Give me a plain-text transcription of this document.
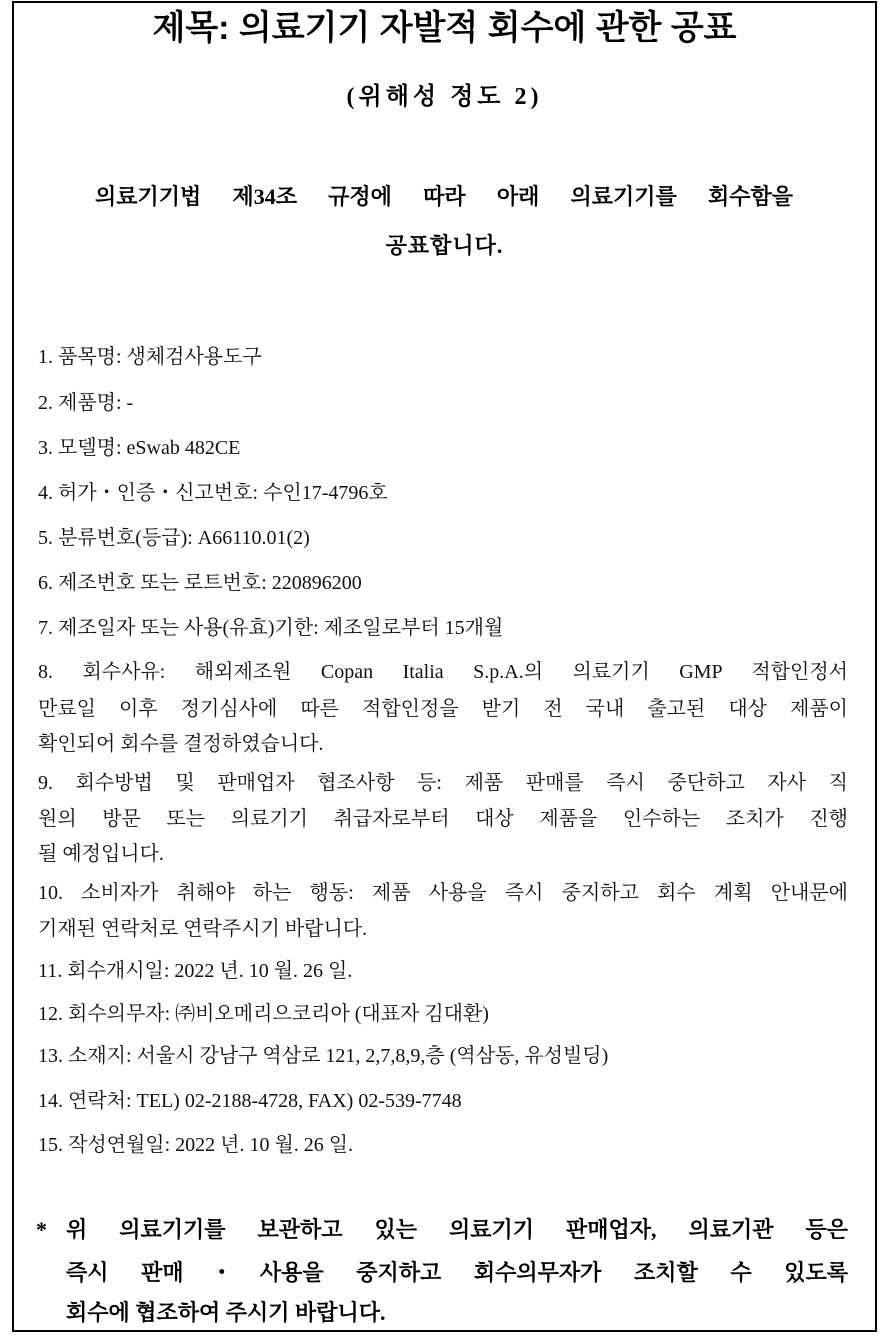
제목: 의료기기 자발적 회수에 관한 공표
(위해성 정도 2)
의료기기법 제34조 규정에 따라 아래 의료기기를 회수함을
공표합니다.
1. 품목명: 생체검사용도구
2. 제품명: -
3. 모델명: eSwab 482CE
4. 허가・인증・신고번호: 수인17-4796호
5. 분류번호(등급): A66110.01(2)
6. 제조번호 또는 로트번호: 220896200
7. 제조일자 또는 사용(유효)기한: 제조일로부터 15개월
8. 회수사유: 해외제조원 Copan Italia S.p.A.의 의료기기 GMP 적합인정서
만료일 이후 정기심사에 따른 적합인정을 받기 전 국내 출고된 대상 제품이
확인되어 회수를 결정하였습니다.
9. 회수방법 및 판매업자 협조사항 등: 제품 판매를 즉시 중단하고 자사 직
원의 방문 또는 의료기기 취급자로부터 대상 제품을 인수하는 조치가 진행
될 예정입니다.
10. 소비자가 취해야 하는 행동: 제품 사용을 즉시 중지하고 회수 계획 안내문에
기재된 연락처로 연락주시기 바랍니다.
11. 회수개시일: 2022 년. 10 월. 26 일.
12. 회수의무자: ㈜비오메리으코리아 (대표자 김대환)
13. 소재지: 서울시 강남구 역삼로 121, 2,7,8,9,층 (역삼동, 유성빌딩)
14. 연락처: TEL) 02-2188-4728, FAX) 02-539-7748
15. 작성연월일: 2022 년. 10 월. 26 일.
* 위 의료기기를 보관하고 있는 의료기기 판매업자, 의료기관 등은
즉시 판매・사용을 중지하고 회수의무자가 조치할 수 있도록
회수에 협조하여 주시기 바랍니다.
